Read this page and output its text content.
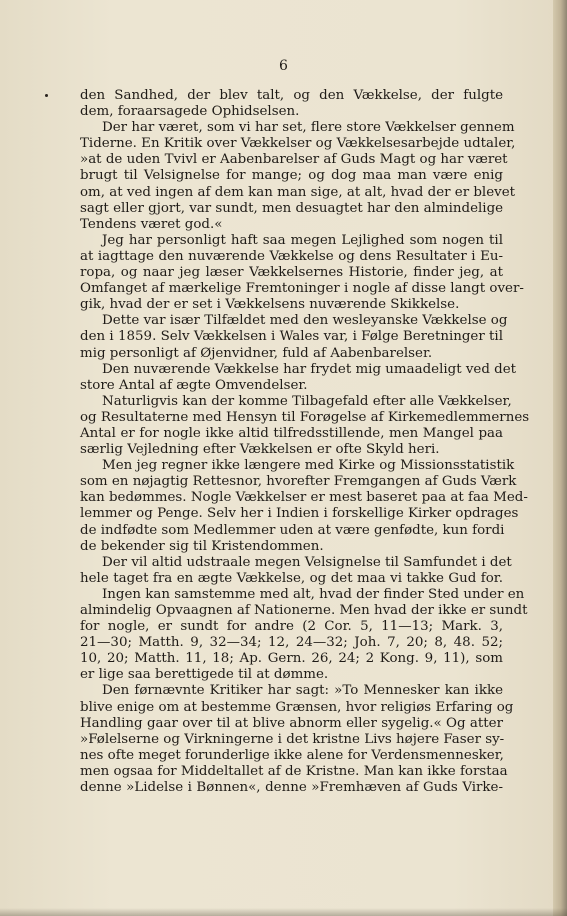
6
den Sandhed, der blev talt, og den Vækkelse, der fulgte
dem, foraarsagede Ophidselsen.
Der har været, som vi har set, flere store Vækkelser gennem
Tiderne. En Kritik over Vækkelser og Vækkelsesarbejde udtaler,
»at de uden Tvivl er Aabenbarelser af Guds Magt og har været
brugt til Velsignelse for mange; og dog maa man være enig
om, at ved ingen af dem kan man sige, at alt, hvad der er blevet
sagt eller gjort, var sundt, men desuagtet har den almindelige
Tendens været god.«
Jeg har personligt haft saa megen Lejlighed som nogen til
at iagttage den nuværende Vækkelse og dens Resultater i Eu-
ropa, og naar jeg læser Vækkelsernes Historie, finder jeg, at
Omfanget af mærkelige Fremtoninger i nogle af disse langt over-
gik, hvad der er set i Vækkelsens nuværende Skikkelse.
Dette var især Tilfældet med den wesleyanske Vækkelse og
den i 1859. Selv Vækkelsen i Wales var, i Følge Beretninger til
mig personligt af Øjenvidner, fuld af Aabenbarelser.
Den nuværende Vækkelse har frydet mig umaadeligt ved det
store Antal af ægte Omvendelser.
Naturligvis kan der komme Tilbagefald efter alle Vækkelser,
og Resultaterne med Hensyn til Forøgelse af Kirkemedlemmernes
Antal er for nogle ikke altid tilfredsstillende, men Mangel paa
særlig Vejledning efter Vækkelsen er ofte Skyld heri.
Men jeg regner ikke længere med Kirke og Missionsstatistik
som en nøjagtig Rettesnor, hvorefter Fremgangen af Guds Værk
kan bedømmes. Nogle Vækkelser er mest baseret paa at faa Med-
lemmer og Penge. Selv her i Indien i forskellige Kirker opdrages
de indfødte som Medlemmer uden at være genfødte, kun fordi
de bekender sig til Kristendommen.
Der vil altid udstraale megen Velsignelse til Samfundet i det
hele taget fra en ægte Vækkelse, og det maa vi takke Gud for.
Ingen kan samstemme med alt, hvad der finder Sted under en
almindelig Opvaagnen af Nationerne. Men hvad der ikke er sundt
for nogle, er sundt for andre (2 Cor. 5, 11—13; Mark. 3,
21—30; Matth. 9, 32—34; 12, 24—32; Joh. 7, 20; 8, 48. 52;
10, 20; Matth. 11, 18; Ap. Gern. 26, 24; 2 Kong. 9, 11), som
er lige saa berettigede til at dømme.
Den førnævnte Kritiker har sagt: »To Mennesker kan ikke
blive enige om at bestemme Grænsen, hvor religiøs Erfaring og
Handling gaar over til at blive abnorm eller sygelig.« Og atter
»Følelserne og Virkningerne i det kristne Livs højere Faser sy-
nes ofte meget forunderlige ikke alene for Verdensmennesker,
men ogsaa for Middeltallet af de Kristne. Man kan ikke forstaa
denne »Lidelse i Bønnen«, denne »Fremhæven af Guds Virke-
